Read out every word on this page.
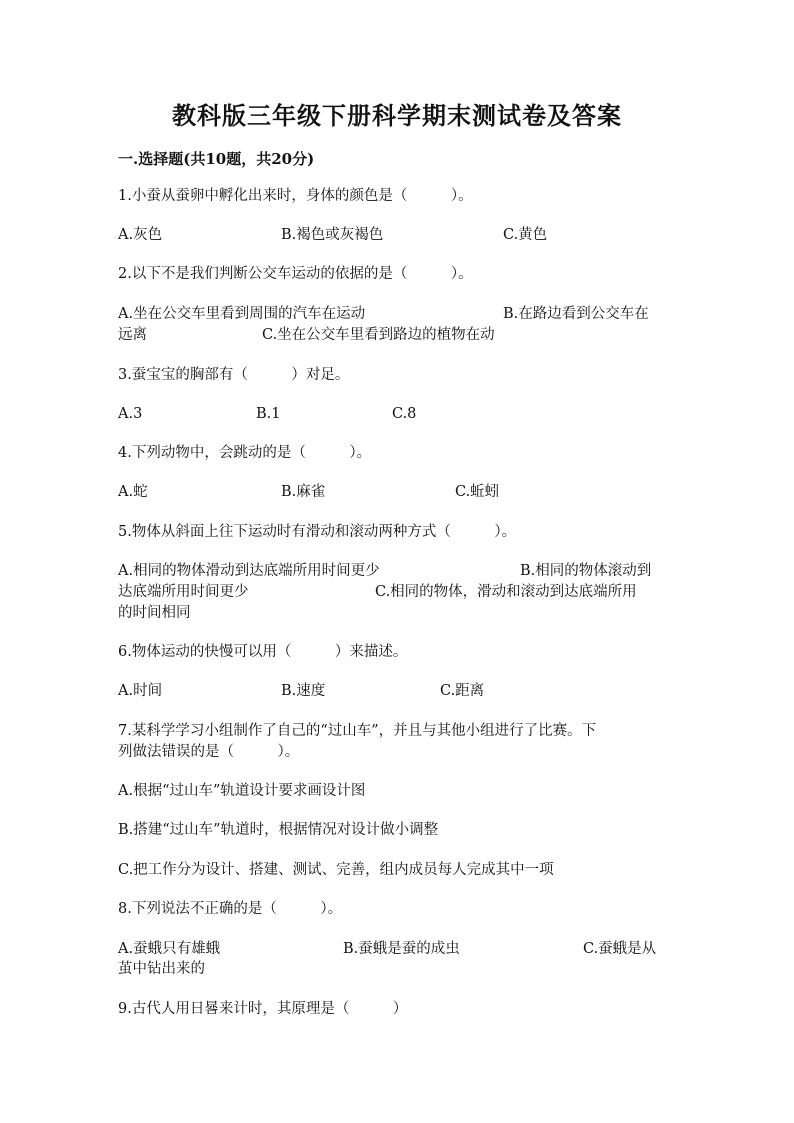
教科版三年级下册科学期末测试卷及答案
一.选择题(共10题，共20分)
1.小蚕从蚕卵中孵化出来时，身体的颜色是（　　　）。
A.灰色	B.褐色或灰褐色	C.黄色
2.以下不是我们判断公交车运动的依据的是（　　　）。
A.坐在公交车里看到周围的汽车在运动	B.在路边看到公交车在
远离	C.坐在公交车里看到路边的植物在动
3.蚕宝宝的胸部有（　　　）对足。
A.3	B.1	C.8
4.下列动物中，会跳动的是（　　　）。
A.蛇	B.麻雀	C.蚯蚓
5.物体从斜面上往下运动时有滑动和滚动两种方式（　　　）。
A.相同的物体滑动到达底端所用时间更少	B.相同的物体滚动到
达底端所用时间更少	C.相同的物体，滑动和滚动到达底端所用
的时间相同
6.物体运动的快慢可以用（　　　）来描述。
A.时间	B.速度	C.距离
7.某科学学习小组制作了自己的“过山车”，并且与其他小组进行了比赛。下
列做法错误的是（　　　）。
A.根据“过山车”轨道设计要求画设计图
B.搭建“过山车”轨道时，根据情况对设计做小调整
C.把工作分为设计、搭建、测试、完善，组内成员每人完成其中一项
8.下列说法不正确的是（　　　）。
A.蚕蛾只有雄蛾	B.蚕蛾是蚕的成虫	C.蚕蛾是从
茧中钻出来的
9.古代人用日晷来计时，其原理是（　　　）
